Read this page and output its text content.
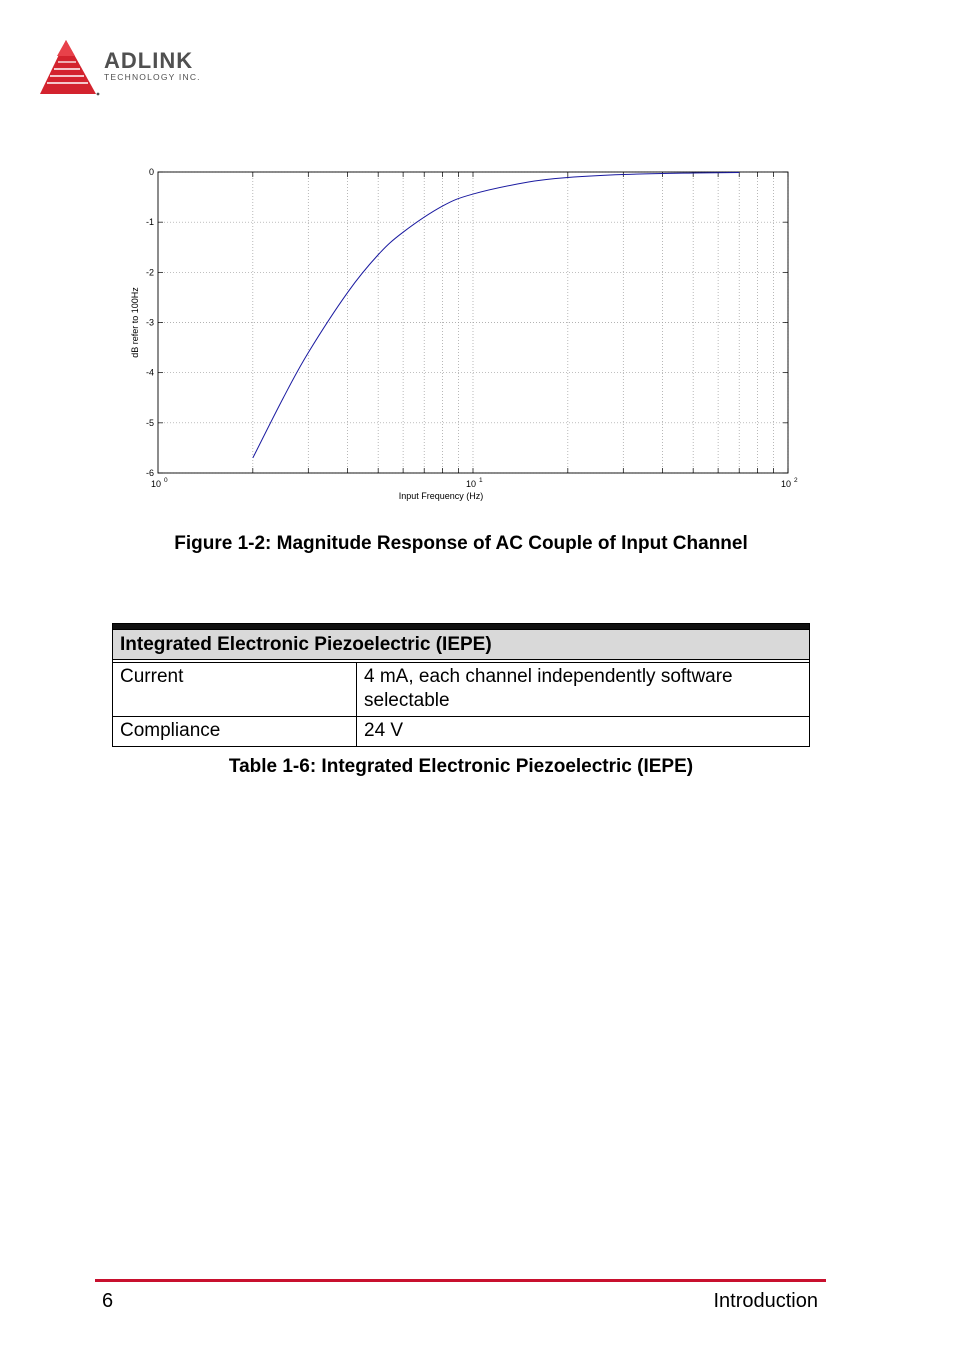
ADLINK
TECHNOLOGY INC.
0
-1
-2
-3
-4
-5
-6
10 0	10 1	10 2
Input Frequency (Hz)
dB refer to 100Hz
Figure 1-2: Magnitude Response of AC Couple of Input Channel

Integrated Electronic Piezoelectric (IEPE)	

Current	4 mA, each channel independently software selectable
Compliance	24 V
Table 1-6: Integrated Electronic Piezoelectric (IEPE)
6	Introduction
